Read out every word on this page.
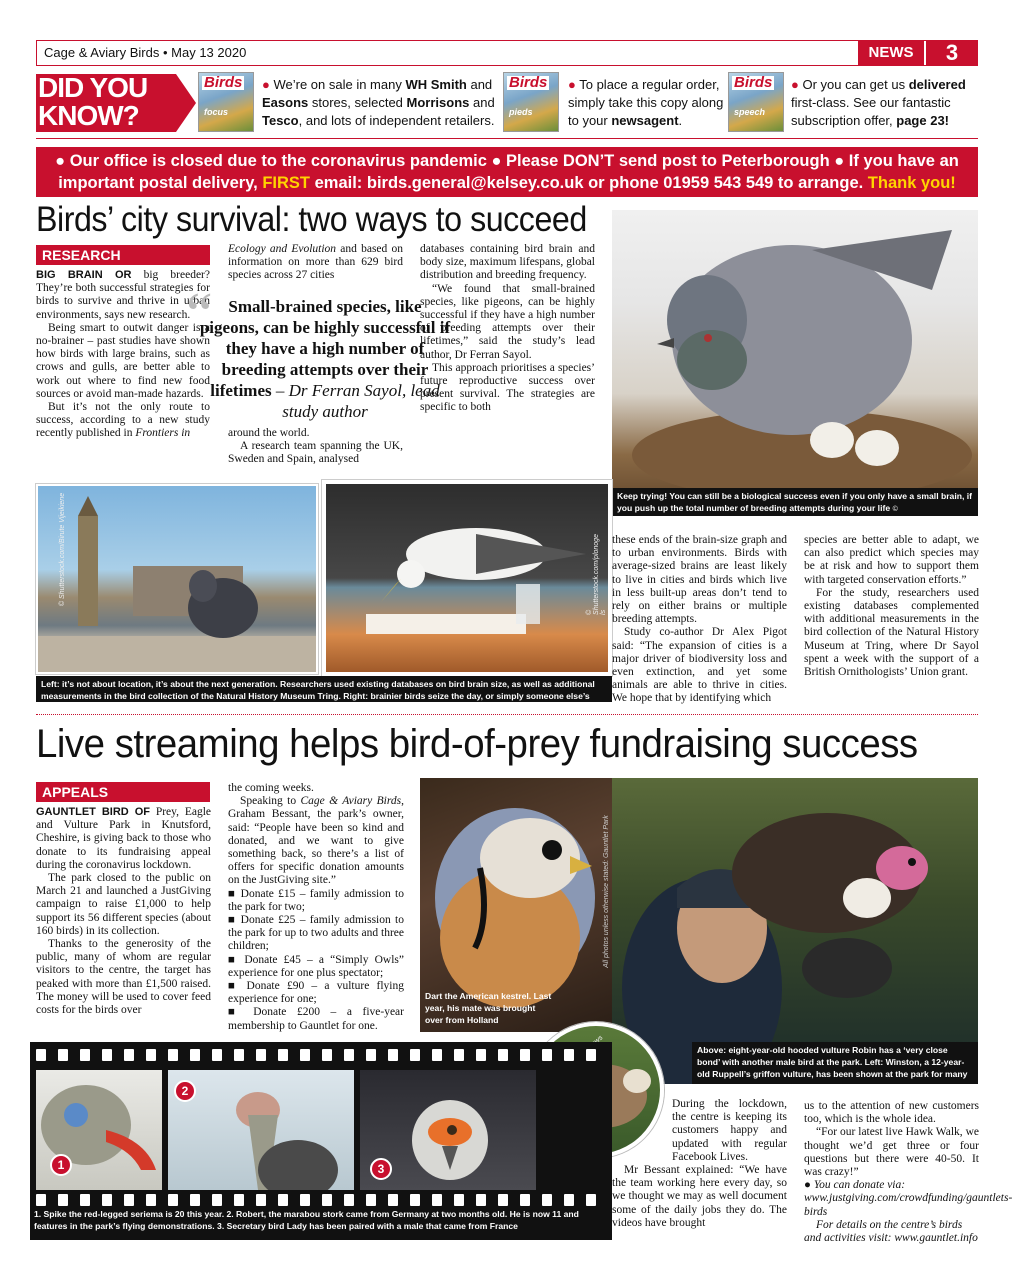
Cage & Aviary Birds • May 13 2020	NEWS	3
DID YOU
KNOW?
Birds
focus
● We’re on sale in many WH Smith and Easons stores, selected Morrisons and Tesco, and lots of independent retailers.
Birds
pieds
● To place a regular order, simply take this copy along to your newsagent.
Birds
speech
● Or you can get us delivered first-class. See our fantastic subscription offer, page 23!
● Our office is closed due to the coronavirus pandemic ● Please DON’T send post to Peterborough ● If you have an
important postal delivery, FIRST email: birds.general@kelsey.co.uk or phone 01959 543 549 to arrange. Thank you!
Birds’ city survival: two ways to succeed
RESEARCH

BIG BRAIN OR big breeder? They’re both successful strategies for birds to survive and thrive in urban environments, says new research.

Being smart to outwit danger is a no-brainer – past studies have shown how birds with large brains, such as crows and gulls, are better able to work out where to find new food sources or avoid man-made hazards.

But it’s not the only route to success, according to a new study recently published in Frontiers in

Ecology and Evolution and based on information on more than 629 bird species across 27 cities

“ Small-brained species, like pigeons, can be highly successful if they have a high number of breeding attempts over their lifetimes – Dr Ferran Sayol, lead study author

around the world.

A research team spanning the UK, Sweden and Spain, analysed

databases containing bird brain and body size, maximum lifespans, global distribution and breeding frequency.

“We found that small-brained species, like pigeons, can be highly successful if they have a high number of breeding attempts over their lifetimes,” said the study’s lead author, Dr Ferran Sayol.

This approach prioritises a species’ future reproductive success over present survival. The strategies are specific to both

Keep trying! You can still be a biological success even if you only have a small brain, if you push up the total number of breeding attempts during your life © Shutterstock.com/mdsharma
© Shutterstock.com/Birute Vijeikiene
© Shutterstock.com/plonoge ls
Left: it’s not about location, it’s about the next generation. Researchers used existing databases on bird brain size, as well as additional measurements in the bird collection of the Natural History Museum Tring. Right: brainier birds seize the day, or simply someone else’s dinner

these ends of the brain-size graph and to urban environments. Birds with average-sized brains are least likely to live in cities and birds which live in less built-up areas don’t tend to rely on either brains or multiple breeding attempts.

Study co-author Dr Alex Pigot said: “The expansion of cities is a major driver of biodiversity loss and even extinction, and yet some animals are able to thrive in cities. We hope that by identifying which

species are better able to adapt, we can also predict which species may be at risk and how to support them with targeted conservation efforts.”

For the study, researchers used existing databases complemented with additional measurements in the bird collection of the Natural History Museum at Tring, where Dr Sayol spent a week with the support of a British Ornithologists’ Union grant.

Live streaming helps bird-of-prey fundraising success
APPEALS

GAUNTLET BIRD OF Prey, Eagle and Vulture Park in Knutsford, Cheshire, is giving back to those who donate to its fundraising appeal during the coronavirus lockdown.

The park closed to the public on March 21 and launched a JustGiving campaign to raise £1,000 to help support its 56 different species (about 160 birds) in its collection.

Thanks to the generosity of the public, many of whom are regular visitors to the centre, the target has peaked with more than £1,500 raised. The money will be used to cover feed costs for the birds over

the coming weeks.

Speaking to Cage & Aviary Birds, Graham Bessant, the park’s owner, said: “People have been so kind and donated, and we want to give something back, so there’s a list of offers for specific donation amounts on the JustGiving site.”

■ Donate £15 – family admission to the park for two;

■ Donate £25 – family admission to the park for up to two adults and three children;

■ Donate £45 – a “Simply Owls” experience for one plus spectator;

■ Donate £90 – a vulture flying experience for one;

■ Donate £200 – a five-year membership to Gauntlet for one.

All photos unless otherwise stated: Gauntlet Park
Dart the American kestrel. Last year, his mate was brought over from Holland
Above: eight-year-old hooded vulture Robin has a ‘very close bond’ with another male bird at the park. Left: Winston, a 12-year-old Ruppell’s griffon vulture, has been shown at the park for many years
1. Spike the red-legged seriema is 20 this year. 2. Robert, the marabou stork came from Germany at two months old. He is now 11 and features in the park’s flying demonstrations. 3. Secretary bird Lady has been paired with a male that came from France
1
2
3

During the lockdown, the centre is keeping its customers happy and updated with regular Facebook Lives.

Mr Bessant explained: “We have the team working here every day, so we thought we may as well document some of the daily jobs they do. The videos have brought

us to the attention of new customers too, which is the whole idea.

“For our latest live Hawk Walk, we thought we’d get three or four questions but there were 40-50. It was crazy!”

● You can donate via: www.justgiving.com/crowdfunding/gauntlets-birds

For details on the centre’s birds and activities visit: www.gauntlet.info
